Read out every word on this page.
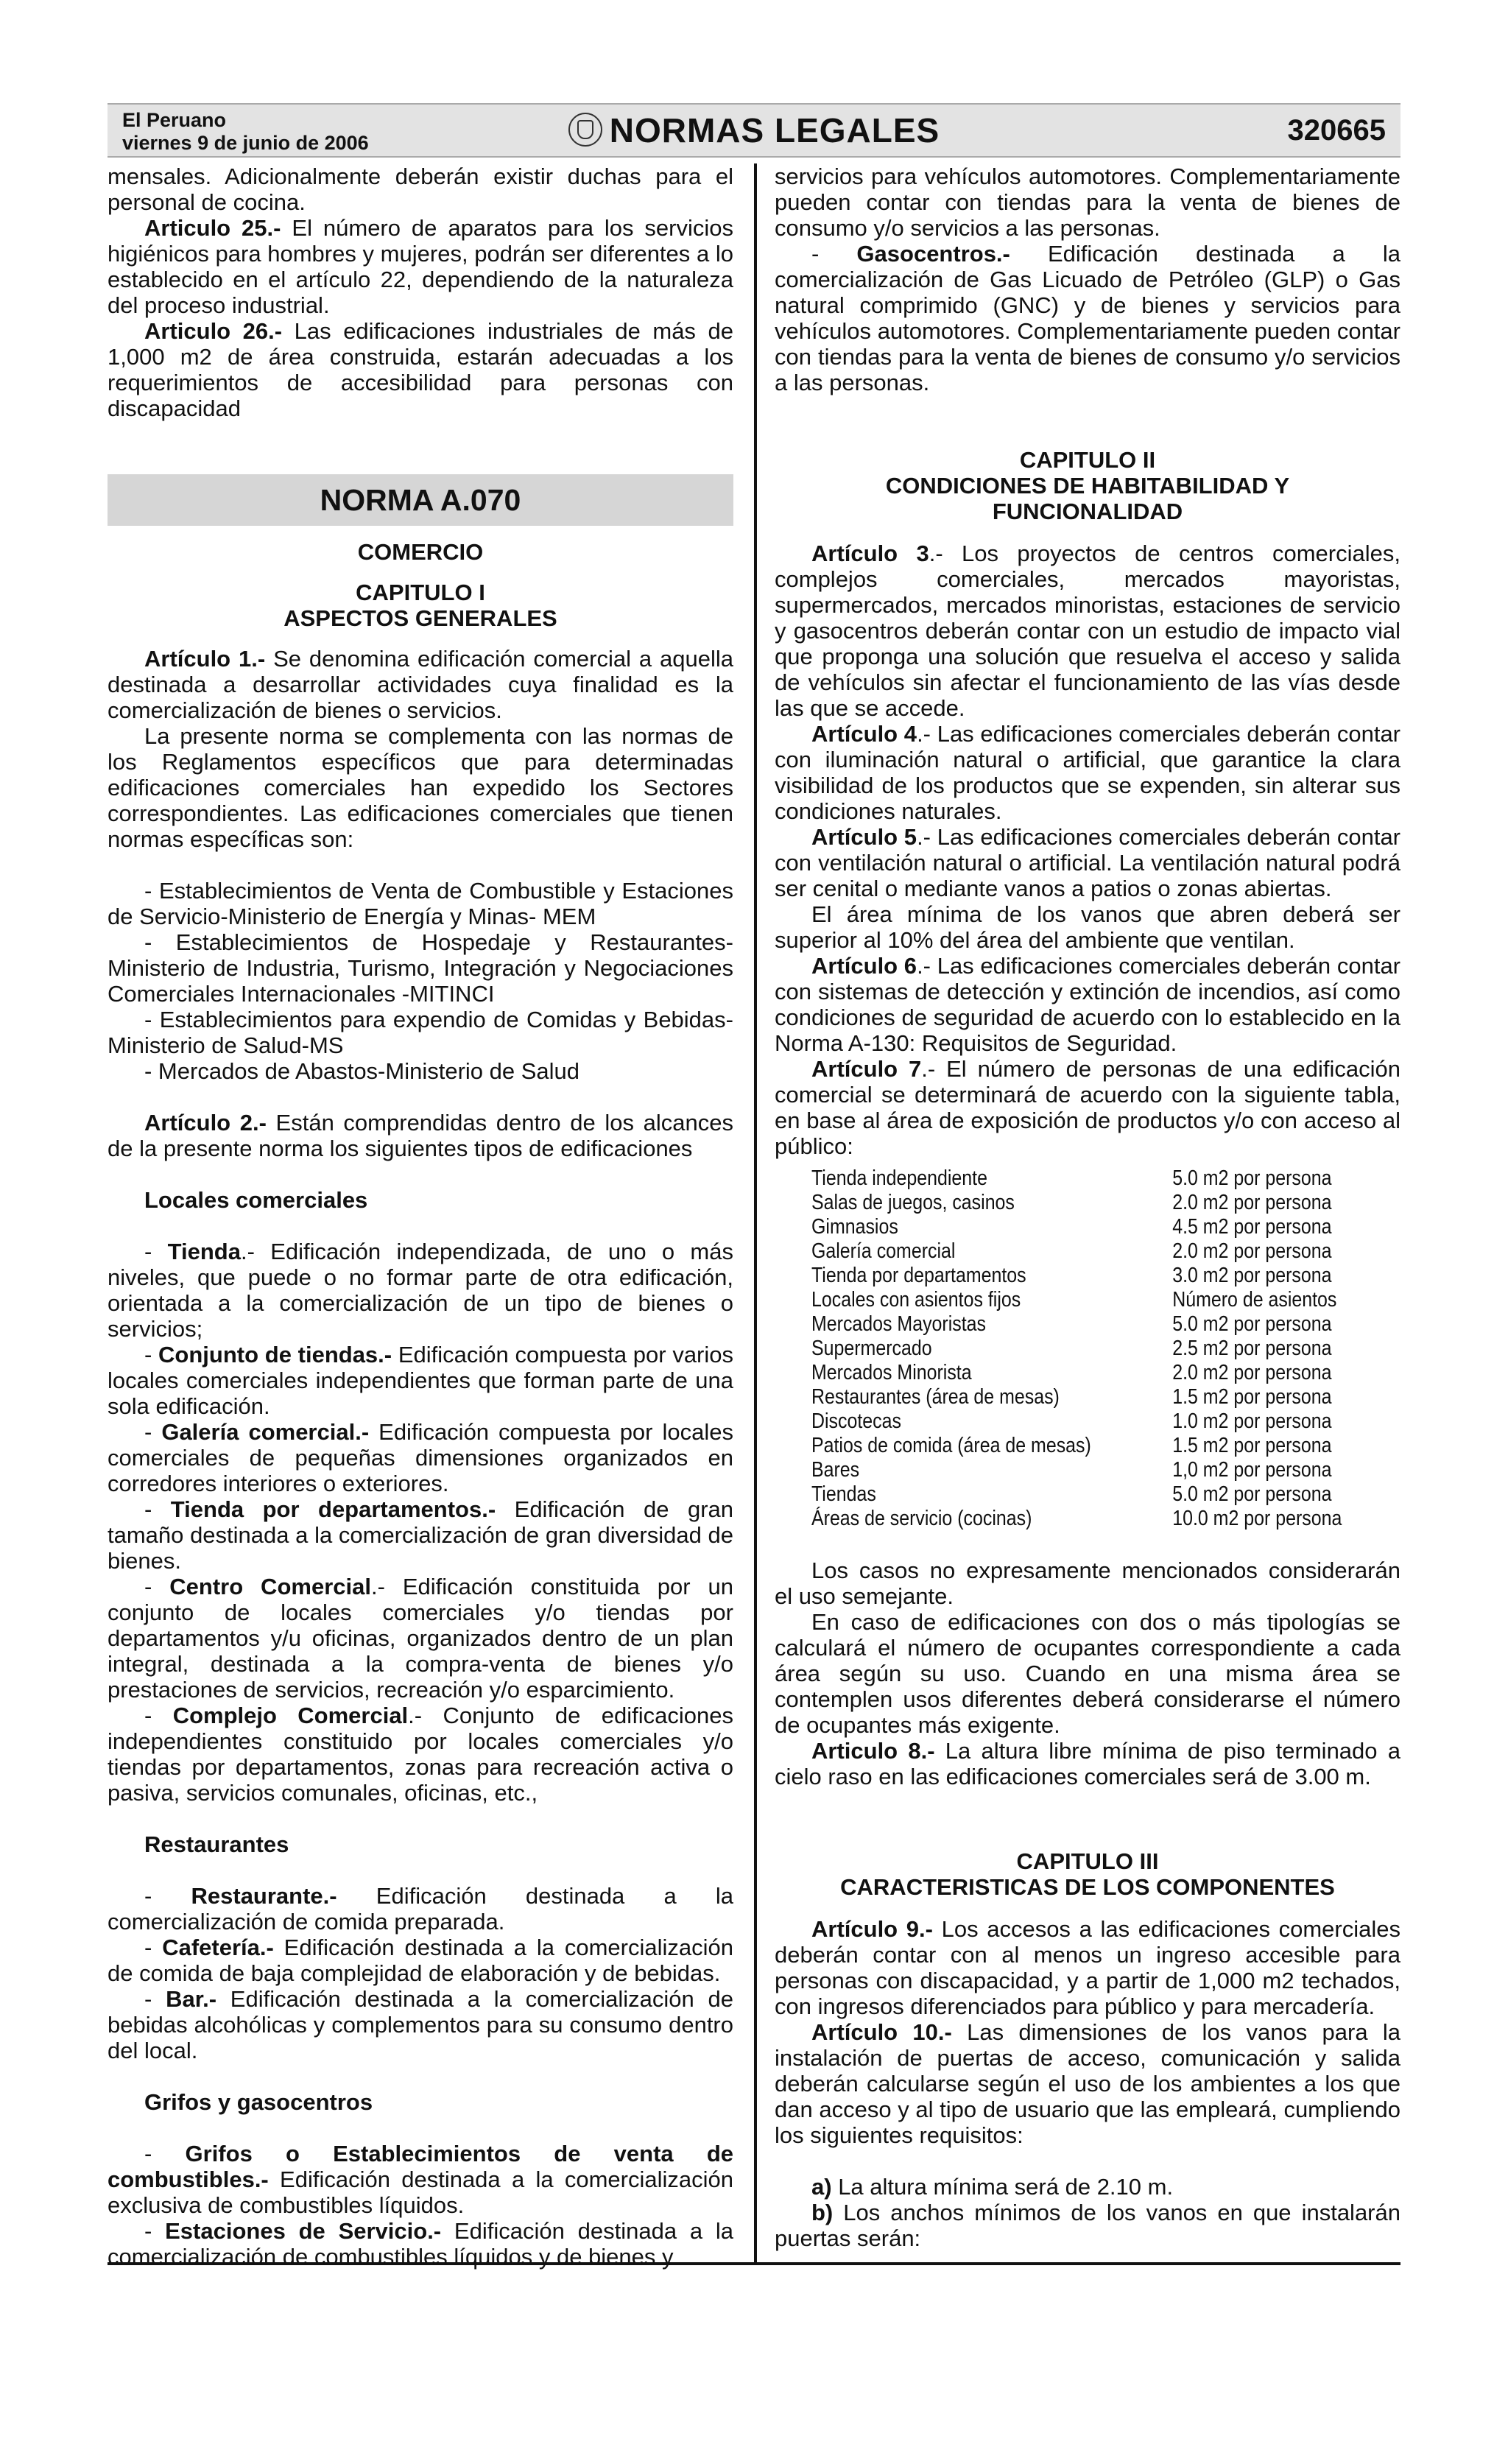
El Peruano
viernes 9 de junio de 2006	NORMAS LEGALES	320665

mensales. Adicionalmente deberán existir duchas para el personal de cocina.

Articulo 25.- El número de aparatos para los servicios higiénicos para hombres y mujeres, podrán ser diferentes a lo establecido en el artículo 22, dependiendo de la naturaleza del proceso industrial.

Articulo 26.- Las edificaciones industriales de más de 1,000 m2 de área construida, estarán adecuadas a los requerimientos de accesibilidad para personas con discapacidad

NORMA A.070

COMERCIO

CAPITULO I

ASPECTOS GENERALES

Artículo 1.- Se denomina edificación comercial a aquella destinada a desarrollar actividades cuya finalidad es la comercialización de bienes o servicios.

La presente norma se complementa con las normas de los Reglamentos específicos que para determinadas edificaciones comerciales han expedido los Sectores correspondientes. Las edificaciones comerciales que tienen normas específicas son:

- Establecimientos de Venta de Combustible y Estaciones de Servicio-Ministerio de Energía y Minas- MEM

- Establecimientos de Hospedaje y Restaurantes- Ministerio de Industria, Turismo, Integración y Negociaciones Comerciales Internacionales -MITINCI

- Establecimientos para expendio de Comidas y Bebidas-Ministerio de Salud-MS

- Mercados de Abastos-Ministerio de Salud

Artículo 2.- Están comprendidas dentro de los alcances de la presente norma los siguientes tipos de edificaciones

Locales comerciales

- Tienda.- Edificación independizada, de uno o más niveles, que puede o no formar parte de otra edificación, orientada a la comercialización de un tipo de bienes o servicios;

- Conjunto de tiendas.- Edificación compuesta por varios locales comerciales independientes que forman parte de una sola edificación.

- Galería comercial.- Edificación compuesta por locales comerciales de pequeñas dimensiones organizados en corredores interiores o exteriores.

- Tienda por departamentos.- Edificación de gran tamaño destinada a la comercialización de gran diversidad de bienes.

- Centro Comercial.- Edificación constituida por un conjunto de locales comerciales y/o tiendas por departamentos y/u oficinas, organizados dentro de un plan integral, destinada a la compra-venta de bienes y/o prestaciones de servicios, recreación y/o esparcimiento.

- Complejo Comercial.- Conjunto de edificaciones independientes constituido por locales comerciales y/o tiendas por departamentos, zonas para recreación activa o pasiva, servicios comunales, oficinas, etc.,

Restaurantes

- Restaurante.- Edificación destinada a la comercialización de comida preparada.

- Cafetería.- Edificación destinada a la comercialización de comida de baja complejidad de elaboración y de bebidas.

- Bar.- Edificación destinada a la comercialización de bebidas alcohólicas y complementos para su consumo dentro del local.

Grifos y gasocentros

- Grifos o Establecimientos de venta de combustibles.- Edificación destinada a la comercialización exclusiva de combustibles líquidos.

- Estaciones de Servicio.- Edificación destinada a la comercialización de combustibles líquidos y de bienes y

servicios para vehículos automotores. Complementariamente pueden contar con tiendas para la venta de bienes de consumo y/o servicios a las personas.

- Gasocentros.- Edificación destinada a la comercialización de Gas Licuado de Petróleo (GLP) o Gas natural comprimido (GNC) y de bienes y servicios para vehículos automotores. Complementariamente pueden contar con tiendas para la venta de bienes de consumo y/o servicios a las personas.

CAPITULO II

CONDICIONES DE HABITABILIDAD Y

FUNCIONALIDAD

Artículo 3.- Los proyectos de centros comerciales, complejos comerciales, mercados mayoristas, supermercados, mercados minoristas, estaciones de servicio y gasocentros deberán contar con un estudio de impacto vial que proponga una solución que resuelva el acceso y salida de vehículos sin afectar el funcionamiento de las vías desde las que se accede.

Artículo 4.- Las edificaciones comerciales deberán contar con iluminación natural o artificial, que garantice la clara visibilidad de los productos que se expenden, sin alterar sus condiciones naturales.

Artículo 5.- Las edificaciones comerciales deberán contar con ventilación natural o artificial. La ventilación natural podrá ser cenital o mediante vanos a patios o zonas abiertas.

El área mínima de los vanos que abren deberá ser superior al 10% del área del ambiente que ventilan.

Artículo 6.- Las edificaciones comerciales deberán contar con sistemas de detección y extinción de incendios, así como condiciones de seguridad de acuerdo con lo establecido en la Norma A-130: Requisitos de Seguridad.

Artículo 7.- El número de personas de una edificación comercial se determinará de acuerdo con la siguiente tabla, en base al área de exposición de productos y/o con acceso al público:

Tienda independiente	5.0 m2 por persona
Salas de juegos, casinos	2.0 m2 por persona
Gimnasios	4.5 m2 por persona
Galería comercial	2.0 m2 por persona
Tienda por departamentos	3.0 m2 por persona
Locales con asientos fijos	Número de asientos
Mercados Mayoristas	5.0 m2 por persona
Supermercado	2.5 m2 por persona
Mercados Minorista	2.0 m2 por persona
Restaurantes (área de mesas)	1.5 m2 por persona
Discotecas	1.0 m2 por persona
Patios de comida (área de mesas)	1.5 m2 por persona
Bares	1,0 m2 por persona
Tiendas	5.0 m2 por persona
Áreas de servicio (cocinas)	10.0 m2 por persona

Los casos no expresamente mencionados considerarán el uso semejante.

En caso de edificaciones con dos o más tipologías se calculará el número de ocupantes correspondiente a cada área según su uso. Cuando en una misma área se contemplen usos diferentes deberá considerarse el número de ocupantes más exigente.

Articulo 8.- La altura libre mínima de piso terminado a cielo raso en las edificaciones comerciales será de 3.00 m.

CAPITULO III

CARACTERISTICAS DE LOS COMPONENTES

Artículo 9.- Los accesos a las edificaciones comerciales deberán contar con al menos un ingreso accesible para personas con discapacidad, y a partir de 1,000 m2 techados, con ingresos diferenciados para público y para mercadería.

Artículo 10.- Las dimensiones de los vanos para la instalación de puertas de acceso, comunicación y salida deberán calcularse según el uso de los ambientes a los que dan acceso y al tipo de usuario que las empleará, cumpliendo los siguientes requisitos:

a) La altura mínima será de 2.10 m.

b) Los anchos mínimos de los vanos en que instalarán puertas serán:
